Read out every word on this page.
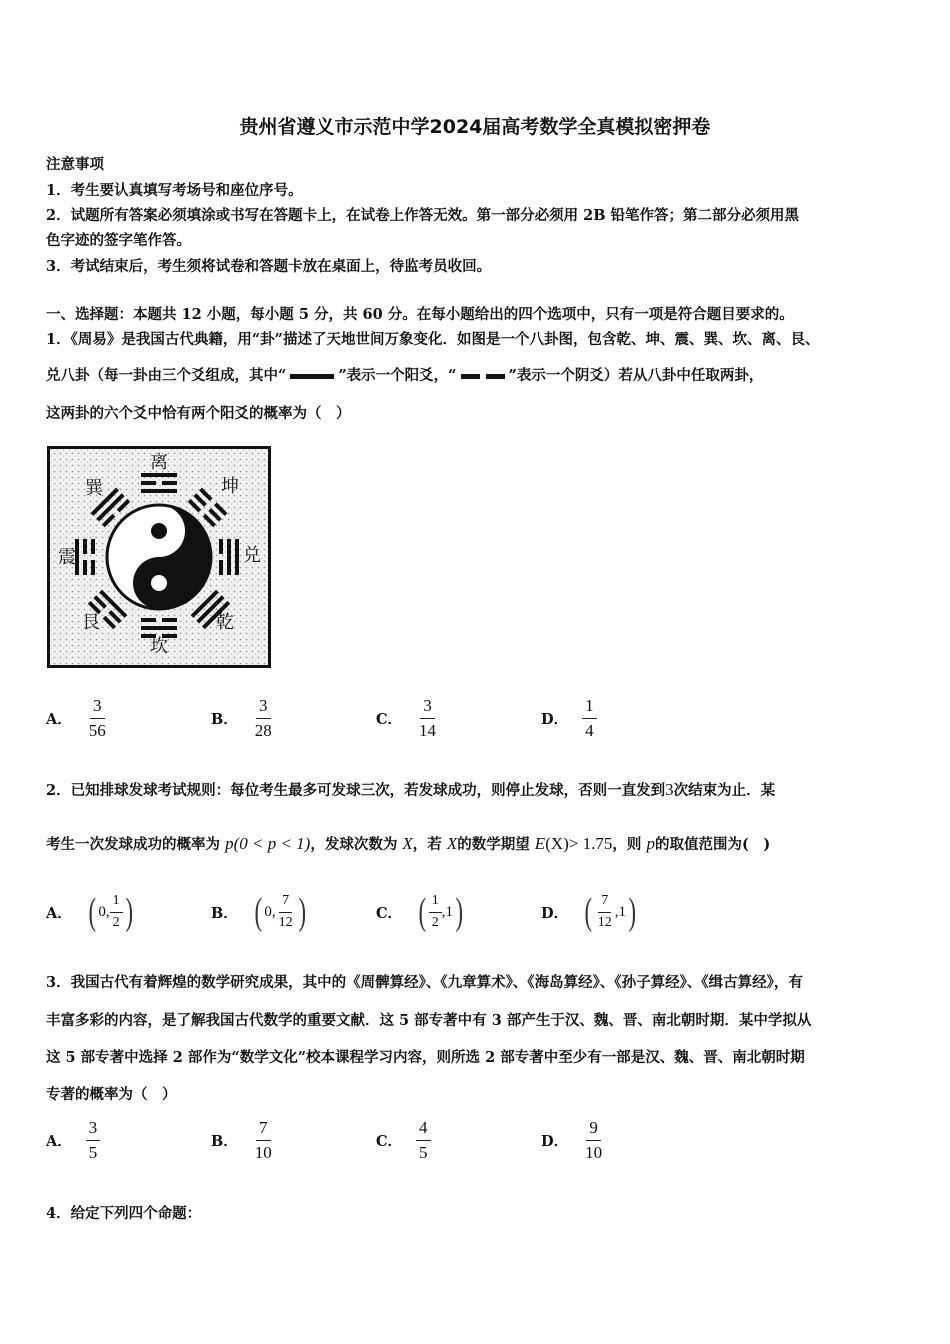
贵州省遵义市示范中学2024届高考数学全真模拟密押卷
注意事项
1．考生要认真填写考场号和座位序号。
2．试题所有答案必须填涂或书写在答题卡上，在试卷上作答无效。第一部分必须用 2B 铅笔作答；第二部分必须用黑
色字迹的签字笔作答。
3．考试结束后，考生须将试卷和答题卡放在桌面上，待监考员收回。
一、选择题：本题共 12 小题，每小题 5 分，共 60 分。在每小题给出的四个选项中，只有一项是符合题目要求的。
1．《周易》是我国古代典籍，用“卦”描述了天地世间万象变化．如图是一个八卦图，包含乾、坤、震、巽、坎、离、艮、
兑八卦（每一卦由三个爻组成，其中“	”表示一个阳爻，“	”表示一个阴爻）若从八卦中任取两卦，
这两卦的六个爻中恰有两个阳爻的概率为（　）
离
坤
兑
乾
坎
艮
震
巽
A． $\frac{3}{56}$	B． $\frac{3}{28}$	C． $\frac{3}{14}$	D． $\frac{1}{4}$
2．已知排球发球考试规则：每位考生最多可发球三次，若发球成功，则停止发球，否则一直发到3次结束为止．某
考生一次发球成功的概率为 p(0 < p < 1)，发球次数为 X，若 X的数学期望 E(X)> 1.75，则 p的取值范围为(　)
A． ( 0, $\frac{1}{2}$ )	B． ( 0, $\frac{7}{12}$ )	C． ( $\frac{1}{2} ,1$ )	D． ( $\frac{7}{12} ,1$ )
3．我国古代有着辉煌的数学研究成果，其中的《周髀算经》、《九章算术》、《海岛算经》、《孙子算经》、《缉古算经》，有
丰富多彩的内容，是了解我国古代数学的重要文献．这 5 部专著中有 3 部产生于汉、魏、晋、南北朝时期．某中学拟从
这 5 部专著中选择 2 部作为“数学文化”校本课程学习内容，则所选 2 部专著中至少有一部是汉、魏、晋、南北朝时期
专著的概率为（　）
A． $\frac{3}{5}$	B． $\frac{7}{10}$	C． $\frac{4}{5}$	D． $\frac{9}{10}$
4．给定下列四个命题：
